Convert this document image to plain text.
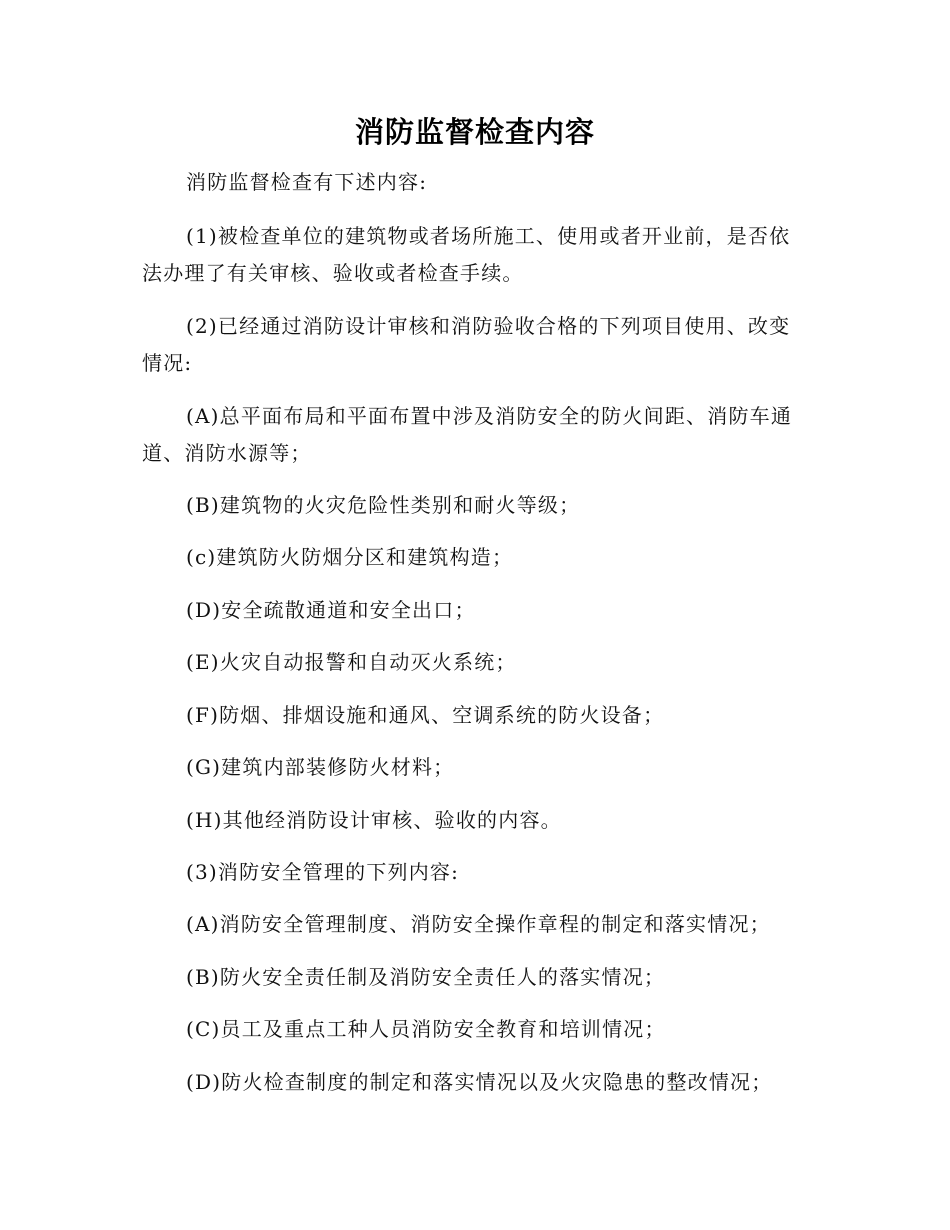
消防监督检查内容
消防监督检查有下述内容:
(1)被检查单位的建筑物或者场所施工、使用或者开业前，是否依
法办理了有关审核、验收或者检查手续。
(2)已经通过消防设计审核和消防验收合格的下列项目使用、改变
情况:
(A)总平面布局和平面布置中涉及消防安全的防火间距、消防车通
道、消防水源等；
(B)建筑物的火灾危险性类别和耐火等级；
(c)建筑防火防烟分区和建筑构造；
(D)安全疏散通道和安全出口；
(E)火灾自动报警和自动灭火系统；
(F)防烟、排烟设施和通风、空调系统的防火设备；
(G)建筑内部装修防火材料；
(H)其他经消防设计审核、验收的内容。
(3)消防安全管理的下列内容:
(A)消防安全管理制度、消防安全操作章程的制定和落实情况；
(B)防火安全责任制及消防安全责任人的落实情况；
(C)员工及重点工种人员消防安全教育和培训情况；
(D)防火检查制度的制定和落实情况以及火灾隐患的整改情况；
